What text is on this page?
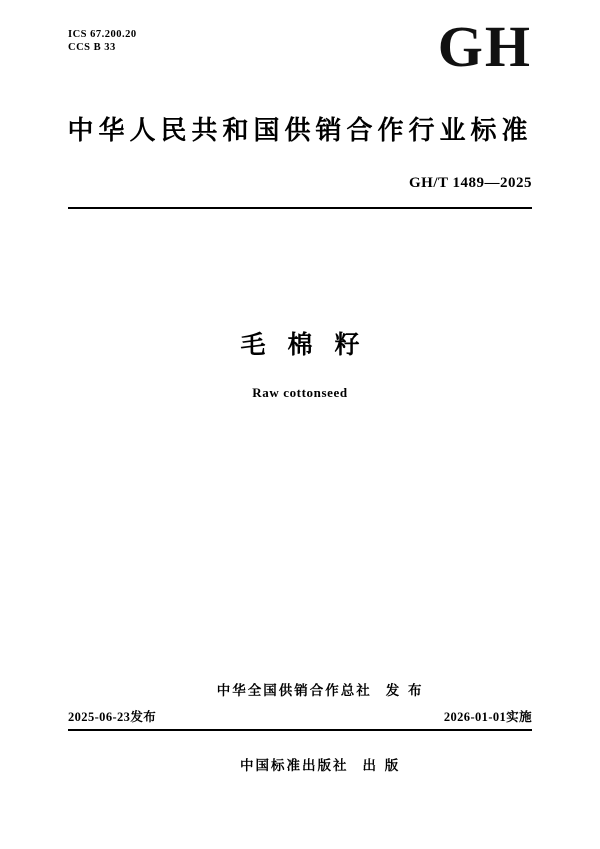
ICS 67.200.20
CCS B 33	GH
中华人民共和国供销合作行业标准
GH/T 1489—2025
毛棉籽
Raw cottonseed
2025-06-23发布	2026-01-01实施

中华全国供销合作总社 发 布

中国标准出版社 出 版
